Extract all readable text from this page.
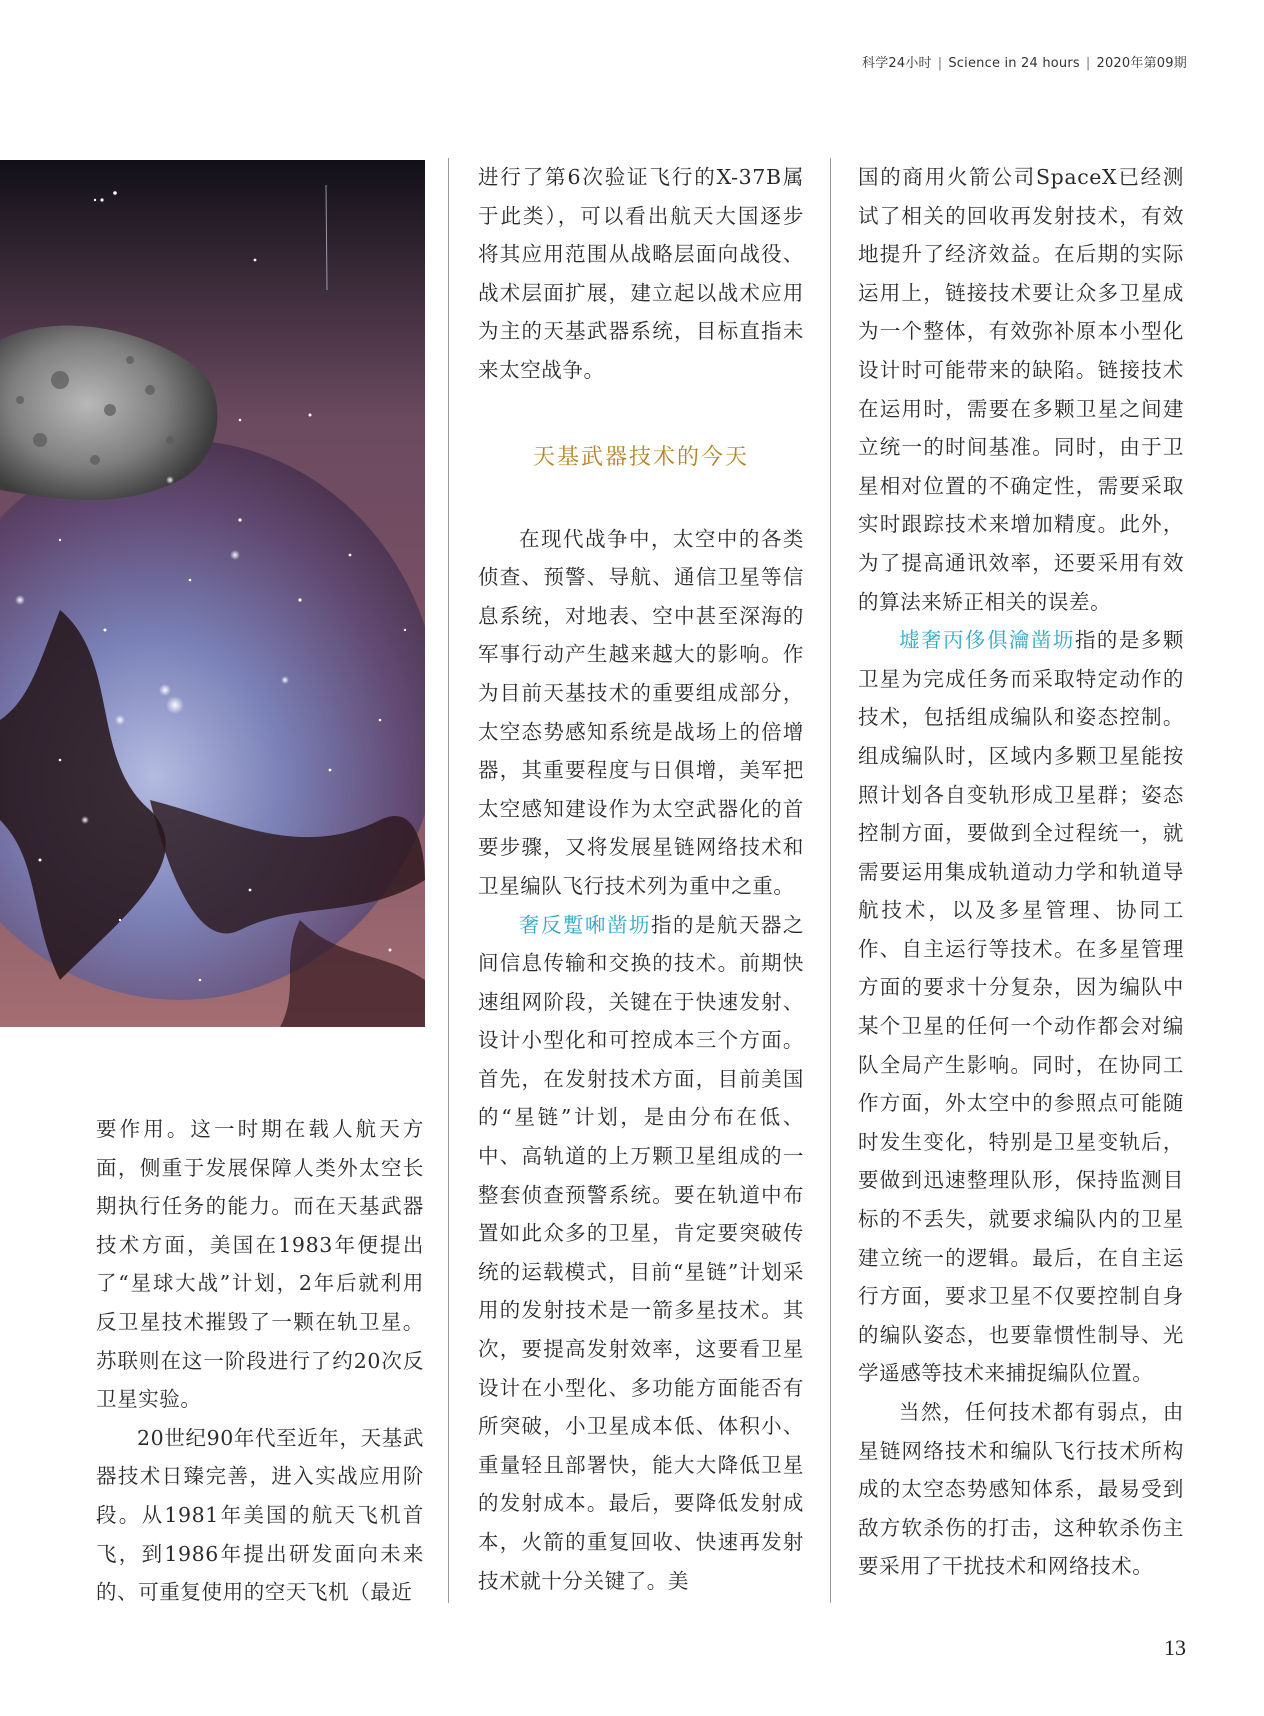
科学24小时 | Science in 24 hours | 2020年第09期

要作用。这一时期在载人航天方面，侧重于发展保障人类外太空长期执行任务的能力。而在天基武器技术方面，美国在1983年便提出了“星球大战”计划，2年后就利用反卫星技术摧毁了一颗在轨卫星。苏联则在这一阶段进行了约20次反卫星实验。

20世纪90年代至近年，天基武器技术日臻完善，进入实战应用阶段。从1981年美国的航天飞机首飞，到1986年提出研发面向未来的、可重复使用的空天飞机（最近

进行了第6次验证飞行的X-37B属于此类），可以看出航天大国逐步将其应用范围从战略层面向战役、战术层面扩展，建立起以战术应用为主的天基武器系统，目标直指未来太空战争。

天基武器技术的今天

在现代战争中，太空中的各类侦查、预警、导航、通信卫星等信息系统，对地表、空中甚至深海的军事行动产生越来越大的影响。作为目前天基技术的重要组成部分，太空态势感知系统是战场上的倍增器，其重要程度与日俱增，美军把太空感知建设作为太空武器化的首要步骤，又将发展星链网络技术和卫星编队飞行技术列为重中之重。

奢反蹔啝凿坜指的是航天器之间信息传输和交换的技术。前期快速组网阶段，关键在于快速发射、设计小型化和可控成本三个方面。首先，在发射技术方面，目前美国的“星链”计划，是由分布在低、中、高轨道的上万颗卫星组成的一整套侦查预警系统。要在轨道中布置如此众多的卫星，肯定要突破传统的运载模式，目前“星链”计划采用的发射技术是一箭多星技术。其次，要提高发射效率，这要看卫星设计在小型化、多功能方面能否有所突破，小卫星成本低、体积小、重量轻且部署快，能大大降低卫星的发射成本。最后，要降低发射成本，火箭的重复回收、快速再发射技术就十分关键了。美

国的商用火箭公司SpaceX已经测试了相关的回收再发射技术，有效地提升了经济效益。在后期的实际运用上，链接技术要让众多卫星成为一个整体，有效弥补原本小型化设计时可能带来的缺陷。链接技术在运用时，需要在多颗卫星之间建立统一的时间基准。同时，由于卫星相对位置的不确定性，需要采取实时跟踪技术来增加精度。此外，为了提高通讯效率，还要采用有效的算法来矫正相关的误差。

墟奢丙侈俱瀹凿坜指的是多颗卫星为完成任务而采取特定动作的技术，包括组成编队和姿态控制。组成编队时，区域内多颗卫星能按照计划各自变轨形成卫星群；姿态控制方面，要做到全过程统一，就需要运用集成轨道动力学和轨道导航技术，以及多星管理、协同工作、自主运行等技术。在多星管理方面的要求十分复杂，因为编队中某个卫星的任何一个动作都会对编队全局产生影响。同时，在协同工作方面，外太空中的参照点可能随时发生变化，特别是卫星变轨后，要做到迅速整理队形，保持监测目标的不丢失，就要求编队内的卫星建立统一的逻辑。最后，在自主运行方面，要求卫星不仅要控制自身的编队姿态，也要靠惯性制导、光学遥感等技术来捕捉编队位置。

当然，任何技术都有弱点，由星链网络技术和编队飞行技术所构成的太空态势感知体系，最易受到敌方软杀伤的打击，这种软杀伤主要采用了干扰技术和网络技术。

13
